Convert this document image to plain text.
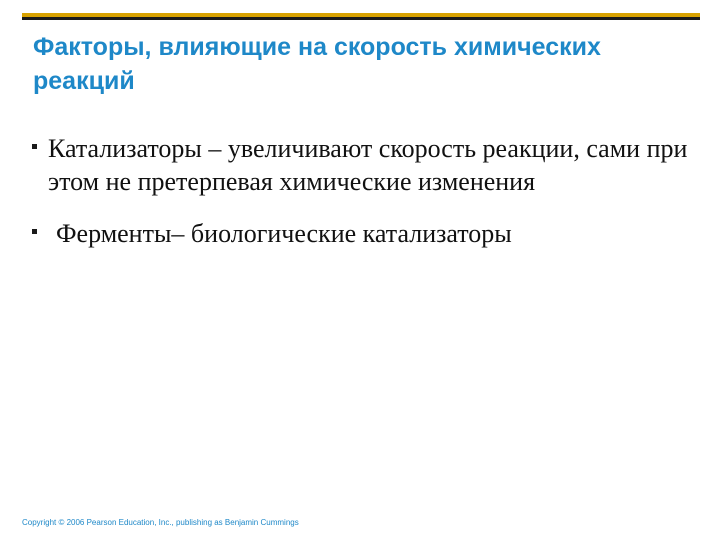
Факторы, влияющие на скорость химических реакций
Катализаторы – увеличивают скорость реакции, сами при этом не претерпевая химические изменения
Ферменты– биологические катализаторы
Copyright © 2006 Pearson Education, Inc., publishing as Benjamin Cummings
